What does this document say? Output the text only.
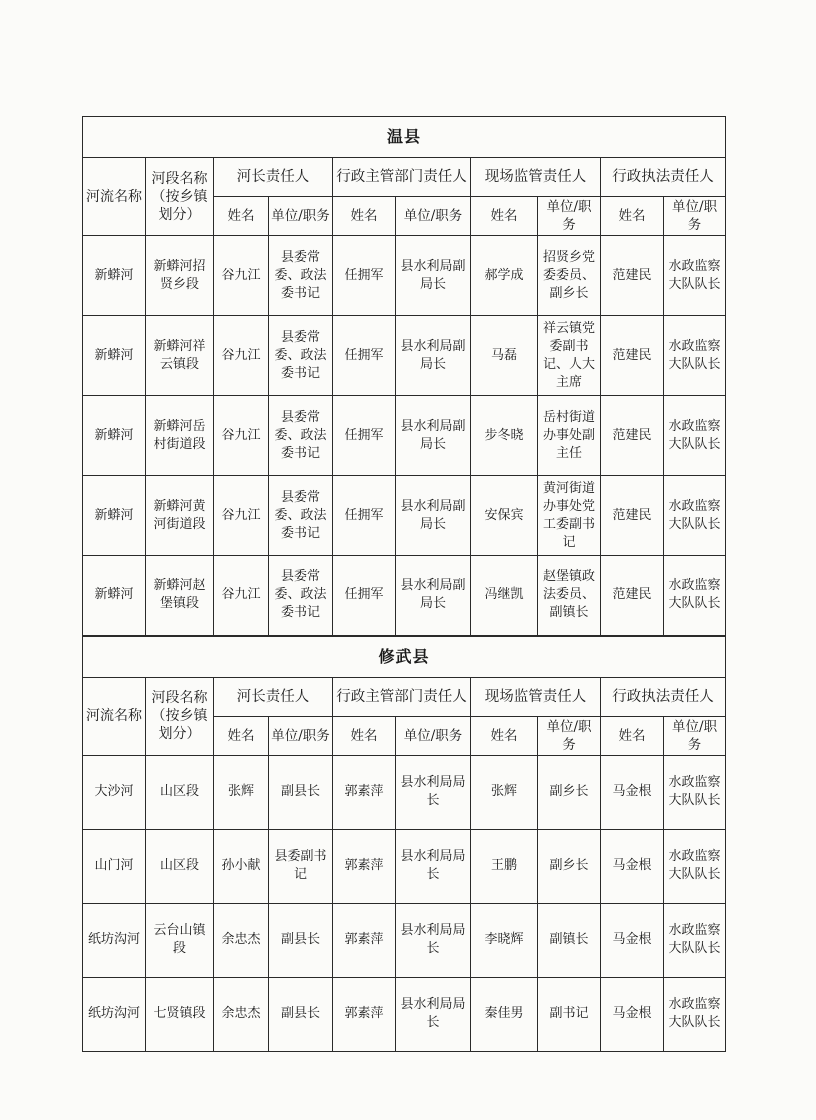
温县									
河流名称	河段名称（按乡镇划分）	河长责任人		行政主管部门责任人		现场监管责任人		行政执法责任人	
		姓名	单位/职务	姓名	单位/职务	姓名	单位/职务	姓名	单位/职务
新蟒河	新蟒河招贤乡段	谷九江	县委常委、政法委书记	任拥军	县水利局副局长	郝学成	招贤乡党委委员、副乡长	范建民	水政监察大队队长
新蟒河	新蟒河祥云镇段	谷九江	县委常委、政法委书记	任拥军	县水利局副局长	马磊	祥云镇党委副书记、人大主席	范建民	水政监察大队队长
新蟒河	新蟒河岳村街道段	谷九江	县委常委、政法委书记	任拥军	县水利局副局长	步冬晓	岳村街道办事处副主任	范建民	水政监察大队队长
新蟒河	新蟒河黄河街道段	谷九江	县委常委、政法委书记	任拥军	县水利局副局长	安保宾	黄河街道办事处党工委副书记	范建民	水政监察大队队长
新蟒河	新蟒河赵堡镇段	谷九江	县委常委、政法委书记	任拥军	县水利局副局长	冯继凯	赵堡镇政法委员、副镇长	范建民	水政监察大队队长
修武县									
河流名称	河段名称（按乡镇划分）	河长责任人		行政主管部门责任人		现场监管责任人		行政执法责任人	
		姓名	单位/职务	姓名	单位/职务	姓名	单位/职务	姓名	单位/职务
大沙河	山区段	张辉	副县长	郭素萍	县水利局局长	张辉	副乡长	马金根	水政监察大队队长
山门河	山区段	孙小献	县委副书记	郭素萍	县水利局局长	王鹏	副乡长	马金根	水政监察大队队长
纸坊沟河	云台山镇段	余忠杰	副县长	郭素萍	县水利局局长	李晓辉	副镇长	马金根	水政监察大队队长
纸坊沟河	七贤镇段	余忠杰	副县长	郭素萍	县水利局局长	秦佳男	副书记	马金根	水政监察大队队长
